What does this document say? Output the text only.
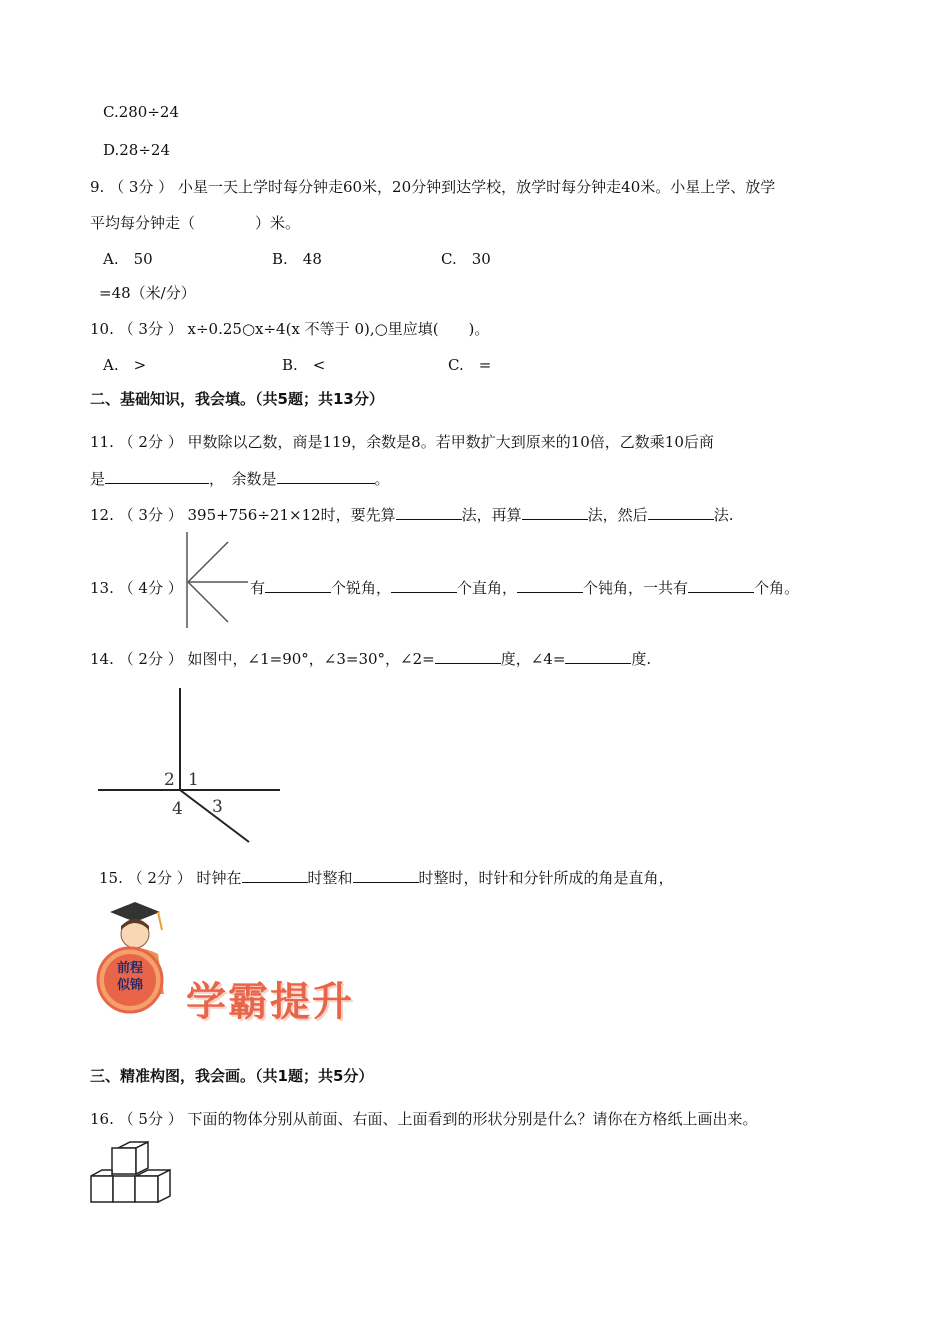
C.280÷24
D.28÷24
9. （ 3分 ） 小星一天上学时每分钟走60米，20分钟到达学校，放学时每分钟走40米。小星上学、放学
平均每分钟走（　　　　）米。
A.　50	B.　48	C.　30
=48（米/分）
10. （ 3分 ） x÷0.25○x÷4(x 不等于 0),○里应填(　　)。
A.　>	B.　<	C.　=
二、基础知识，我会填。（共5题；共13分）
11. （ 2分 ） 甲数除以乙数，商是119，余数是8。若甲数扩大到原来的10倍，乙数乘10后商
是	，　余数是	。
12. （ 3分 ） 395+756÷21×12时，要先算	法，再算	法，然后	法.
13. （ 4分 ）	有	个锐角，	个直角，	个钝角，一共有	个角。
14. （ 2分 ） 如图中，∠1=90°，∠3=30°，∠2=	度，∠4=	度.
2 1
4 3
15. （ 2分 ） 时钟在	时整和	时整时，时针和分针所成的角是直角，
前程
似锦 学霸提升
三、精准构图，我会画。（共1题；共5分）
16. （ 5分 ） 下面的物体分别从前面、右面、上面看到的形状分别是什么？请你在方格纸上画出来。
